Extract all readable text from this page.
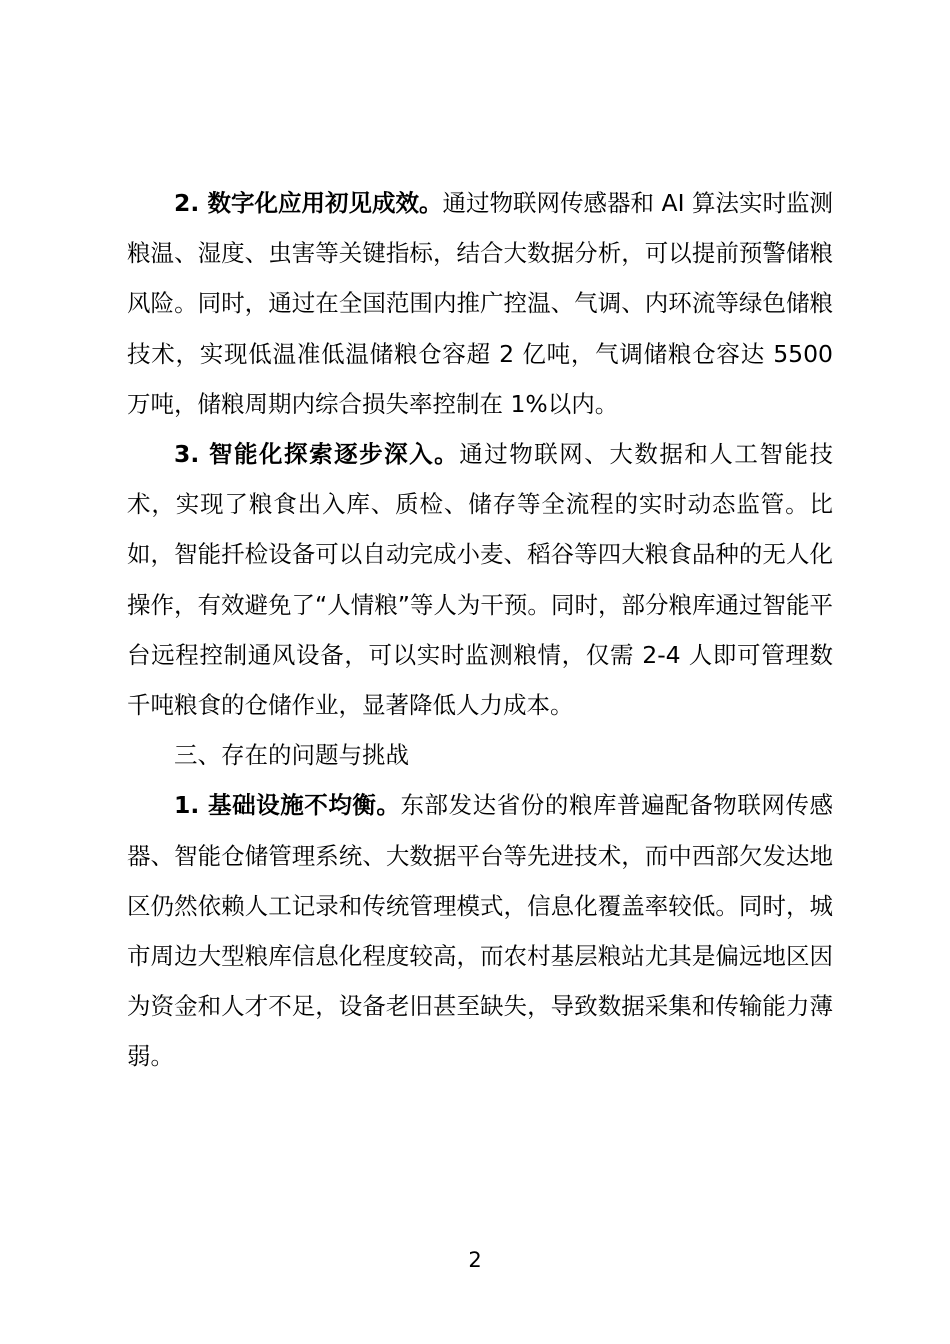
2. 数字化应用初见成效。通过物联网传感器和 AI 算法实时监测粮温、湿度、虫害等关键指标，结合大数据分析，可以提前预警储粮风险。同时，通过在全国范围内推广控温、气调、内环流等绿色储粮技术，实现低温准低温储粮仓容超 2 亿吨，气调储粮仓容达 5500 万吨，储粮周期内综合损失率控制在 1%以内。

3. 智能化探索逐步深入。通过物联网、大数据和人工智能技术，实现了粮食出入库、质检、储存等全流程的实时动态监管。比如，智能扦检设备可以自动完成小麦、稻谷等四大粮食品种的无人化操作，有效避免了“人情粮”等人为干预。同时，部分粮库通过智能平台远程控制通风设备，可以实时监测粮情，仅需 2-4 人即可管理数千吨粮食的仓储作业，显著降低人力成本。

三、存在的问题与挑战

1. 基础设施不均衡。东部发达省份的粮库普遍配备物联网传感器、智能仓储管理系统、大数据平台等先进技术，而中西部欠发达地区仍然依赖人工记录和传统管理模式，信息化覆盖率较低。同时，城市周边大型粮库信息化程度较高，而农村基层粮站尤其是偏远地区因为资金和人才不足，设备老旧甚至缺失，导致数据采集和传输能力薄弱。

2
